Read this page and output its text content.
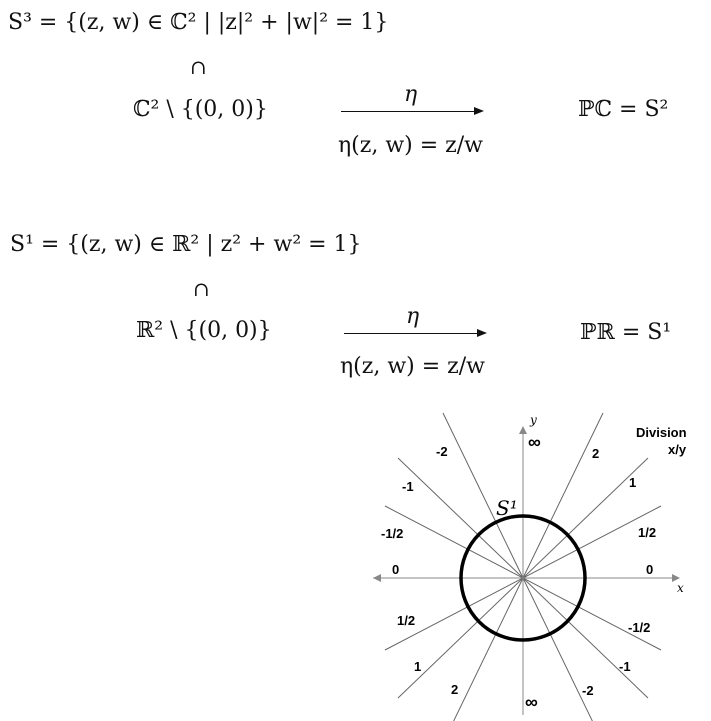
S³ = {(z, w) ∈ ℂ² | |z|² + |w|² = 1}
∩
ℂ² \ {(0, 0)}
η
η(z, w) = z/w
ℙℂ = S²
S¹ = {(z, w) ∈ ℝ² | z² + w² = 1}
∩
ℝ² \ {(0, 0)}
η
η(z, w) = z/w
ℙℝ = S¹
y
x
S¹
Division
x/y
∞
∞
2
1
1/2
0
-1/2
-1
-2
-2
-1
-1/2
0
1/2
1
2
